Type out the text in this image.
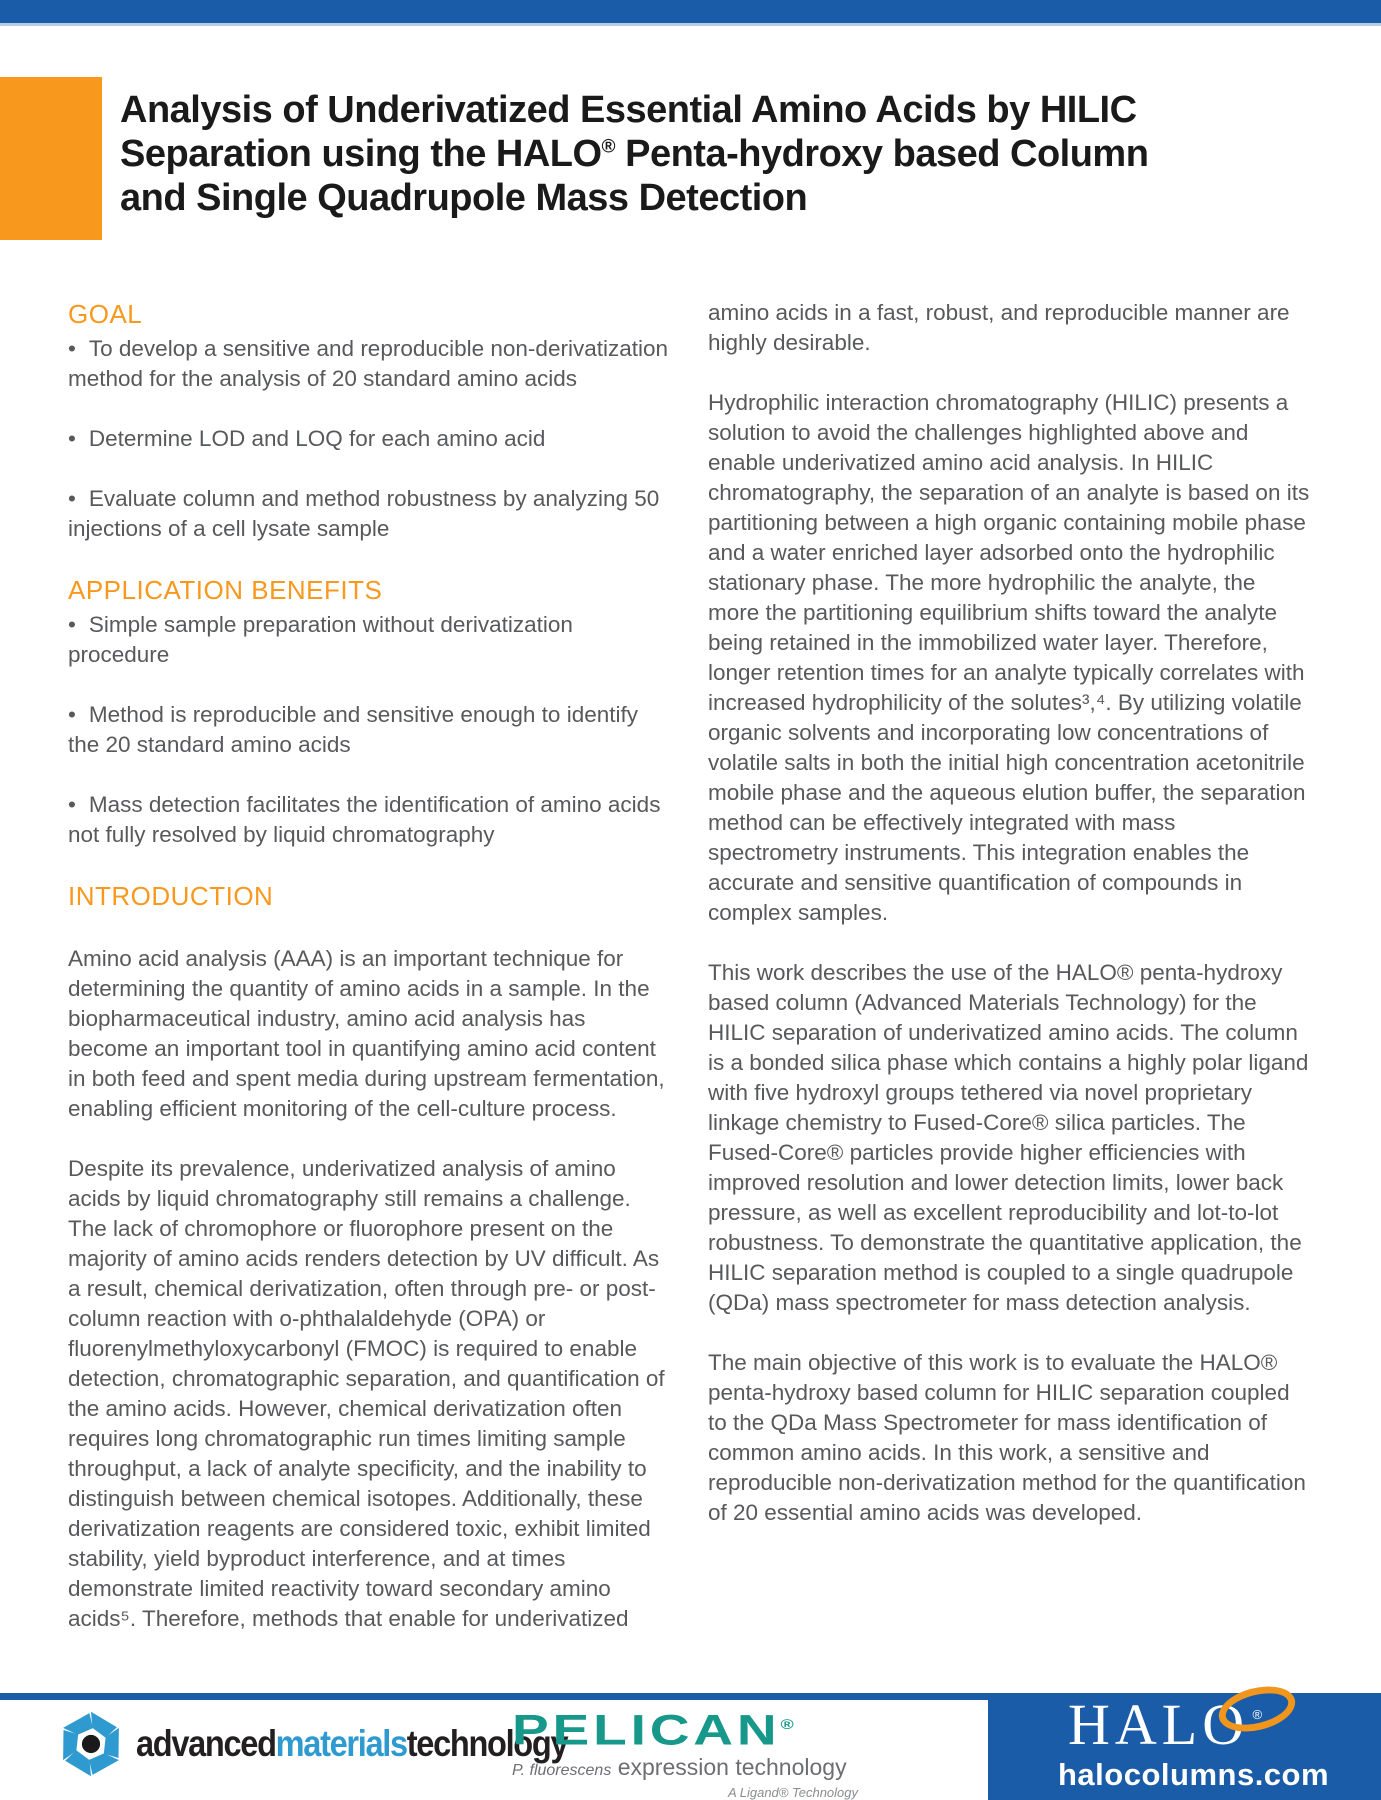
Analysis of Underivatized Essential Amino Acids by HILIC
Separation using the HALO® Penta-hydroxy based Column
and Single Quadrupole Mass Detection
GOAL

• To develop a sensitive and reproducible non-derivatization method for the analysis of 20 standard amino acids

• Determine LOD and LOQ for each amino acid

• Evaluate column and method robustness by analyzing 50 injections of a cell lysate sample

APPLICATION BENEFITS

• Simple sample preparation without derivatization procedure

• Method is reproducible and sensitive enough to identify the 20 standard amino acids

• Mass detection facilitates the identification of amino acids not fully resolved by liquid chromatography

INTRODUCTION

Amino acid analysis (AAA) is an important technique for determining the quantity of amino acids in a sample. In the biopharmaceutical industry, amino acid analysis has become an important tool in quantifying amino acid content in both feed and spent media during upstream fermentation, enabling efficient monitoring of the cell-culture process.

Despite its prevalence, underivatized analysis of amino acids by liquid chromatography still remains a challenge. The lack of chromophore or fluorophore present on the majority of amino acids renders detection by UV difficult. As a result, chemical derivatization, often through pre- or post-column reaction with o-phthalaldehyde (OPA) or fluorenylmethyloxycarbonyl (FMOC) is required to enable detection, chromatographic separation, and quantification of the amino acids. However, chemical derivatization often requires long chromatographic run times limiting sample throughput, a lack of analyte specificity, and the inability to distinguish between chemical isotopes. Additionally, these derivatization reagents are considered toxic, exhibit limited stability, yield byproduct interference, and at times demonstrate limited reactivity toward secondary amino acids⁵. Therefore, methods that enable for underivatized

amino acids in a fast, robust, and reproducible manner are highly desirable.

Hydrophilic interaction chromatography (HILIC) presents a solution to avoid the challenges highlighted above and enable underivatized amino acid analysis. In HILIC chromatography, the separation of an analyte is based on its partitioning between a high organic containing mobile phase and a water enriched layer adsorbed onto the hydrophilic stationary phase. The more hydrophilic the analyte, the more the partitioning equilibrium shifts toward the analyte being retained in the immobilized water layer. Therefore, longer retention times for an analyte typically correlates with increased hydrophilicity of the solutes³,⁴. By utilizing volatile organic solvents and incorporating low concentrations of volatile salts in both the initial high concentration acetonitrile mobile phase and the aqueous elution buffer, the separation method can be effectively integrated with mass spectrometry instruments. This integration enables the accurate and sensitive quantification of compounds in complex samples.

This work describes the use of the HALO® penta-hydroxy based column (Advanced Materials Technology) for the HILIC separation of underivatized amino acids. The column is a bonded silica phase which contains a highly polar ligand with five hydroxyl groups tethered via novel proprietary linkage chemistry to Fused-Core® silica particles. The Fused-Core® particles provide higher efficiencies with improved resolution and lower detection limits, lower back pressure, as well as excellent reproducibility and lot-to-lot robustness. To demonstrate the quantitative application, the HILIC separation method is coupled to a single quadrupole (QDa) mass spectrometer for mass detection analysis.

The main objective of this work is to evaluate the HALO® penta-hydroxy based column for HILIC separation coupled to the QDa Mass Spectrometer for mass identification of common amino acids. In this work, a sensitive and reproducible non-derivatization method for the quantification of 20 essential amino acids was developed.

advancedmaterialstechnology
PELICAN®
P. fluorescens expression technology
A Ligand® Technology
HALO ®
halocolumns.com
